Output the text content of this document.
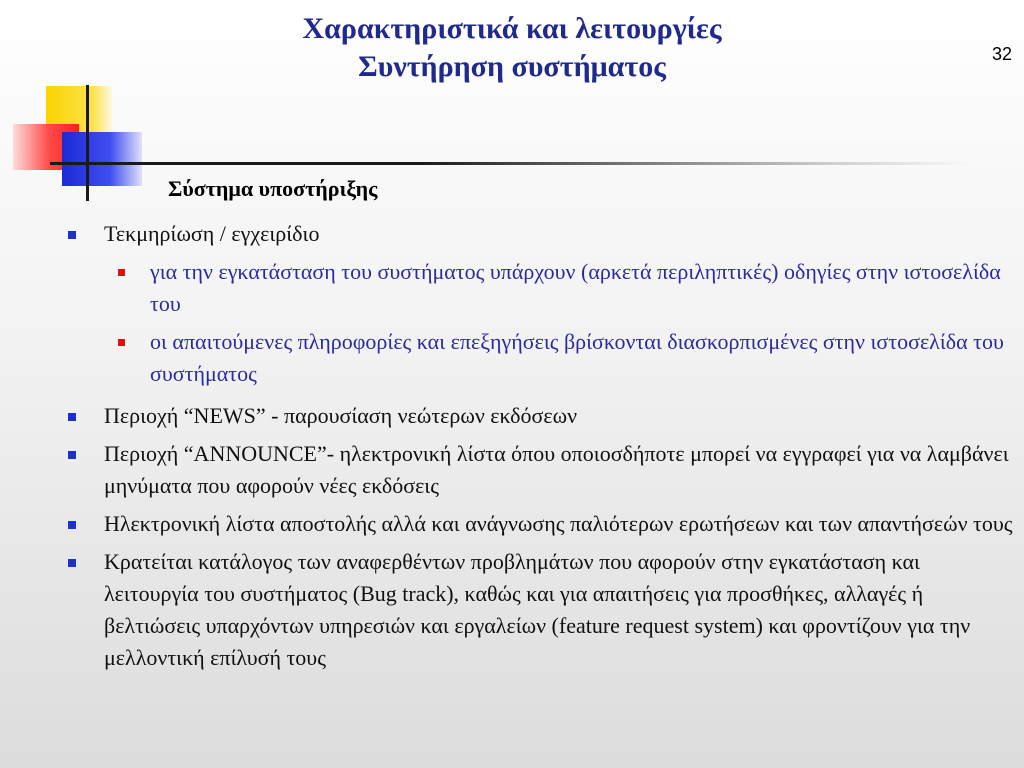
Χαρακτηριστικά και λειτουργίες
Συντήρηση συστήματος	32
Σύστημα υποστήριξης
Τεκμηρίωση / εγχειρίδιο
για την εγκατάσταση του συστήματος υπάρχουν (αρκετά περιληπτικές) οδηγίες στην ιστοσελίδα του
οι απαιτούμενες πληροφορίες και επεξηγήσεις βρίσκονται διασκορπισμένες στην ιστοσελίδα του συστήματος
Περιοχή “NEWS” - παρουσίαση νεώτερων εκδόσεων
Περιοχή “ANNOUNCE”- ηλεκτρονική λίστα όπου οποιοσδήποτε μπορεί να εγγραφεί για να λαμβάνει μηνύματα που αφορούν νέες εκδόσεις
Ηλεκτρονική λίστα αποστολής αλλά και ανάγνωσης παλιότερων ερωτήσεων και των απαντήσεών τους
Κρατείται κατάλογος των αναφερθέντων προβλημάτων που αφορούν στην εγκατάσταση και λειτουργία του συστήματος (Bug track), καθώς και για απαιτήσεις για προσθήκες, αλλαγές ή βελτιώσεις υπαρχόντων υπηρεσιών και εργαλείων (feature request system) και φροντίζουν για την μελλοντική επίλυσή τους
